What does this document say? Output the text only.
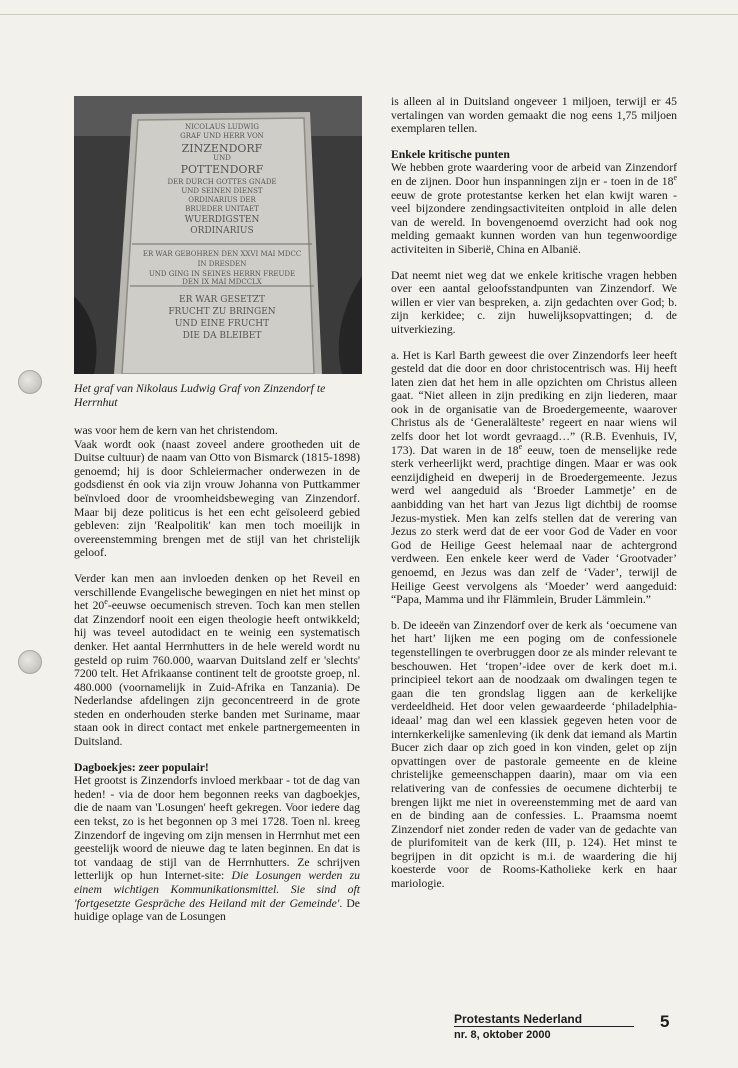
NICOLAUS LUDWIG
GRAF UND HERR VON
ZINZENDORF
UND
POTTENDORF
DER DURCH GOTTES GNADE
UND SEINEN DIENST
ORDINARIUS DER
BRUEDER UNITAET
WUERDIGSTEN
ORDINARIUS
ER WAR GEBOHREN DEN XXVI MAI MDCC
IN DRESDEN
UND GING IN SEINES HERRN FREUDE
DEN IX MAI MDCCLX
ER WAR GESETZT
FRUCHT ZU BRINGEN
UND EINE FRUCHT
DIE DA BLEIBET
Het graf van Nikolaus Ludwig Graf von Zinzendorf te Herrnhut

was voor hem de kern van het christendom.

Vaak wordt ook (naast zoveel andere grootheden uit de Duitse cultuur) de naam van Otto von Bismarck (1815-1898) genoemd; hij is door Schleiermacher onderwezen in de godsdienst én ook via zijn vrouw Johanna von Puttkammer beïnvloed door de vroomheidsbeweging van Zinzendorf. Maar bij deze politicus is het een echt geïsoleerd gebied gebleven: zijn 'Realpolitik' kan men toch moeilijk in overeenstemming brengen met de stijl van het christelijk geloof.

Verder kan men aan invloeden denken op het Reveil en verschillende Evangelische bewegingen en niet het minst op het 20e-eeuwse oecumenisch streven. Toch kan men stellen dat Zinzendorf nooit een eigen theologie heeft ontwikkeld; hij was teveel autodidact en te weinig een systematisch denker. Het aantal Herrnhutters in de hele wereld wordt nu gesteld op ruim 760.000, waarvan Duitsland zelf er 'slechts' 7200 telt. Het Afrikaanse continent telt de grootste groep, nl. 480.000 (voornamelijk in Zuid-Afrika en Tanzania). De Nederlandse afdelingen zijn geconcentreerd in de grote steden en onderhouden sterke banden met Suriname, maar staan ook in direct contact met enkele partnergemeenten in Duitsland.

Dagboekjes: zeer populair!

Het grootst is Zinzendorfs invloed merkbaar - tot de dag van heden! - via de door hem begonnen reeks van dagboekjes, die de naam van 'Losungen' heeft gekregen. Voor iedere dag een tekst, zo is het begonnen op 3 mei 1728. Toen nl. kreeg Zinzendorf de ingeving om zijn mensen in Herrnhut met een geestelijk woord de nieuwe dag te laten beginnen. En dat is tot vandaag de stijl van de Herrnhutters. Ze schrijven letterlijk op hun Internet-site: Die Losungen werden zu einem wichtigen Kommunikationsmittel. Sie sind oft 'fortgesetzte Gespräche des Heiland mit der Gemeinde'. De huidige oplage van de Losungen

is alleen al in Duitsland ongeveer 1 miljoen, terwijl er 45 vertalingen van worden gemaakt die nog eens 1,75 miljoen exemplaren tellen.

Enkele kritische punten

We hebben grote waardering voor de arbeid van Zinzendorf en de zijnen. Door hun inspanningen zijn er - toen in de 18e eeuw de grote protestantse kerken het elan kwijt waren - veel bijzondere zendingsactiviteiten ontploid in alle delen van de wereld. In bovengenoemd overzicht had ook nog melding gemaakt kunnen worden van hun tegenwoordige activiteiten in Siberië, China en Albanië.

Dat neemt niet weg dat we enkele kritische vragen hebben over een aantal geloofsstandpunten van Zinzendorf. We willen er vier van bespreken, a. zijn gedachten over God; b. zijn kerkidee; c. zijn huwelijksopvattingen; d. de uitverkiezing.

a. Het is Karl Barth geweest die over Zinzendorfs leer heeft gesteld dat die door en door christocentrisch was. Hij heeft laten zien dat het hem in alle opzichten om Christus alleen gaat. “Niet alleen in zijn prediking en zijn liederen, maar ook in de organisatie van de Broedergemeente, waarover Christus als de ‘Generalälteste’ regeert en naar wiens wil zelfs door het lot wordt gevraagd…” (R.B. Evenhuis, IV, 173). Dat waren in de 18e eeuw, toen de menselijke rede sterk verheerlijkt werd, prachtige dingen. Maar er was ook eenzijdigheid en dweperij in de Broedergemeente. Jezus werd wel aangeduid als ‘Broeder Lammetje’ en de aanbidding van het hart van Jezus ligt dichtbij de roomse Jezus-mystiek. Men kan zelfs stellen dat de verering van Jezus zo sterk werd dat de eer voor God de Vader en voor God de Heilige Geest helemaal naar de achtergrond verdween. Een enkele keer werd de Vader ‘Grootvader’ genoemd, en Jezus was dan zelf de ‘Vader’, terwijl de Heilige Geest vervolgens als ‘Moeder’ werd aangeduid: “Papa, Mamma und ihr Flämmlein, Bruder Lämmlein.”

b. De ideeën van Zinzendorf over de kerk als ‘oecumene van het hart’ lijken me een poging om de confessionele tegenstellingen te overbruggen door ze als minder relevant te beschouwen. Het ‘tropen’-idee over de kerk doet m.i. principieel tekort aan de noodzaak om dwalingen tegen te gaan die ten grondslag liggen aan de kerkelijke verdeeldheid. Het door velen gewaardeerde ‘philadelphia-ideaal’ mag dan wel een klassiek gegeven heten voor de internkerkelijke samenleving (ik denk dat iemand als Martin Bucer zich daar op zich goed in kon vinden, gelet op zijn opvattingen over de pastorale gemeente en de kleine christelijke gemeenschappen daarin), maar om via een relativering van de confessies de oecumene dichterbij te brengen lijkt me niet in overeenstemming met de aard van en de binding aan de confessies. L. Praamsma noemt Zinzendorf niet zonder reden de vader van de gedachte van de plurifomiteit van de kerk (III, p. 124). Het minst te begrijpen in dit opzicht is m.i. de waardering die hij koesterde voor de Rooms-Katholieke kerk en haar mariologie.

Protestants Nederland
nr. 8, oktober 2000
5
